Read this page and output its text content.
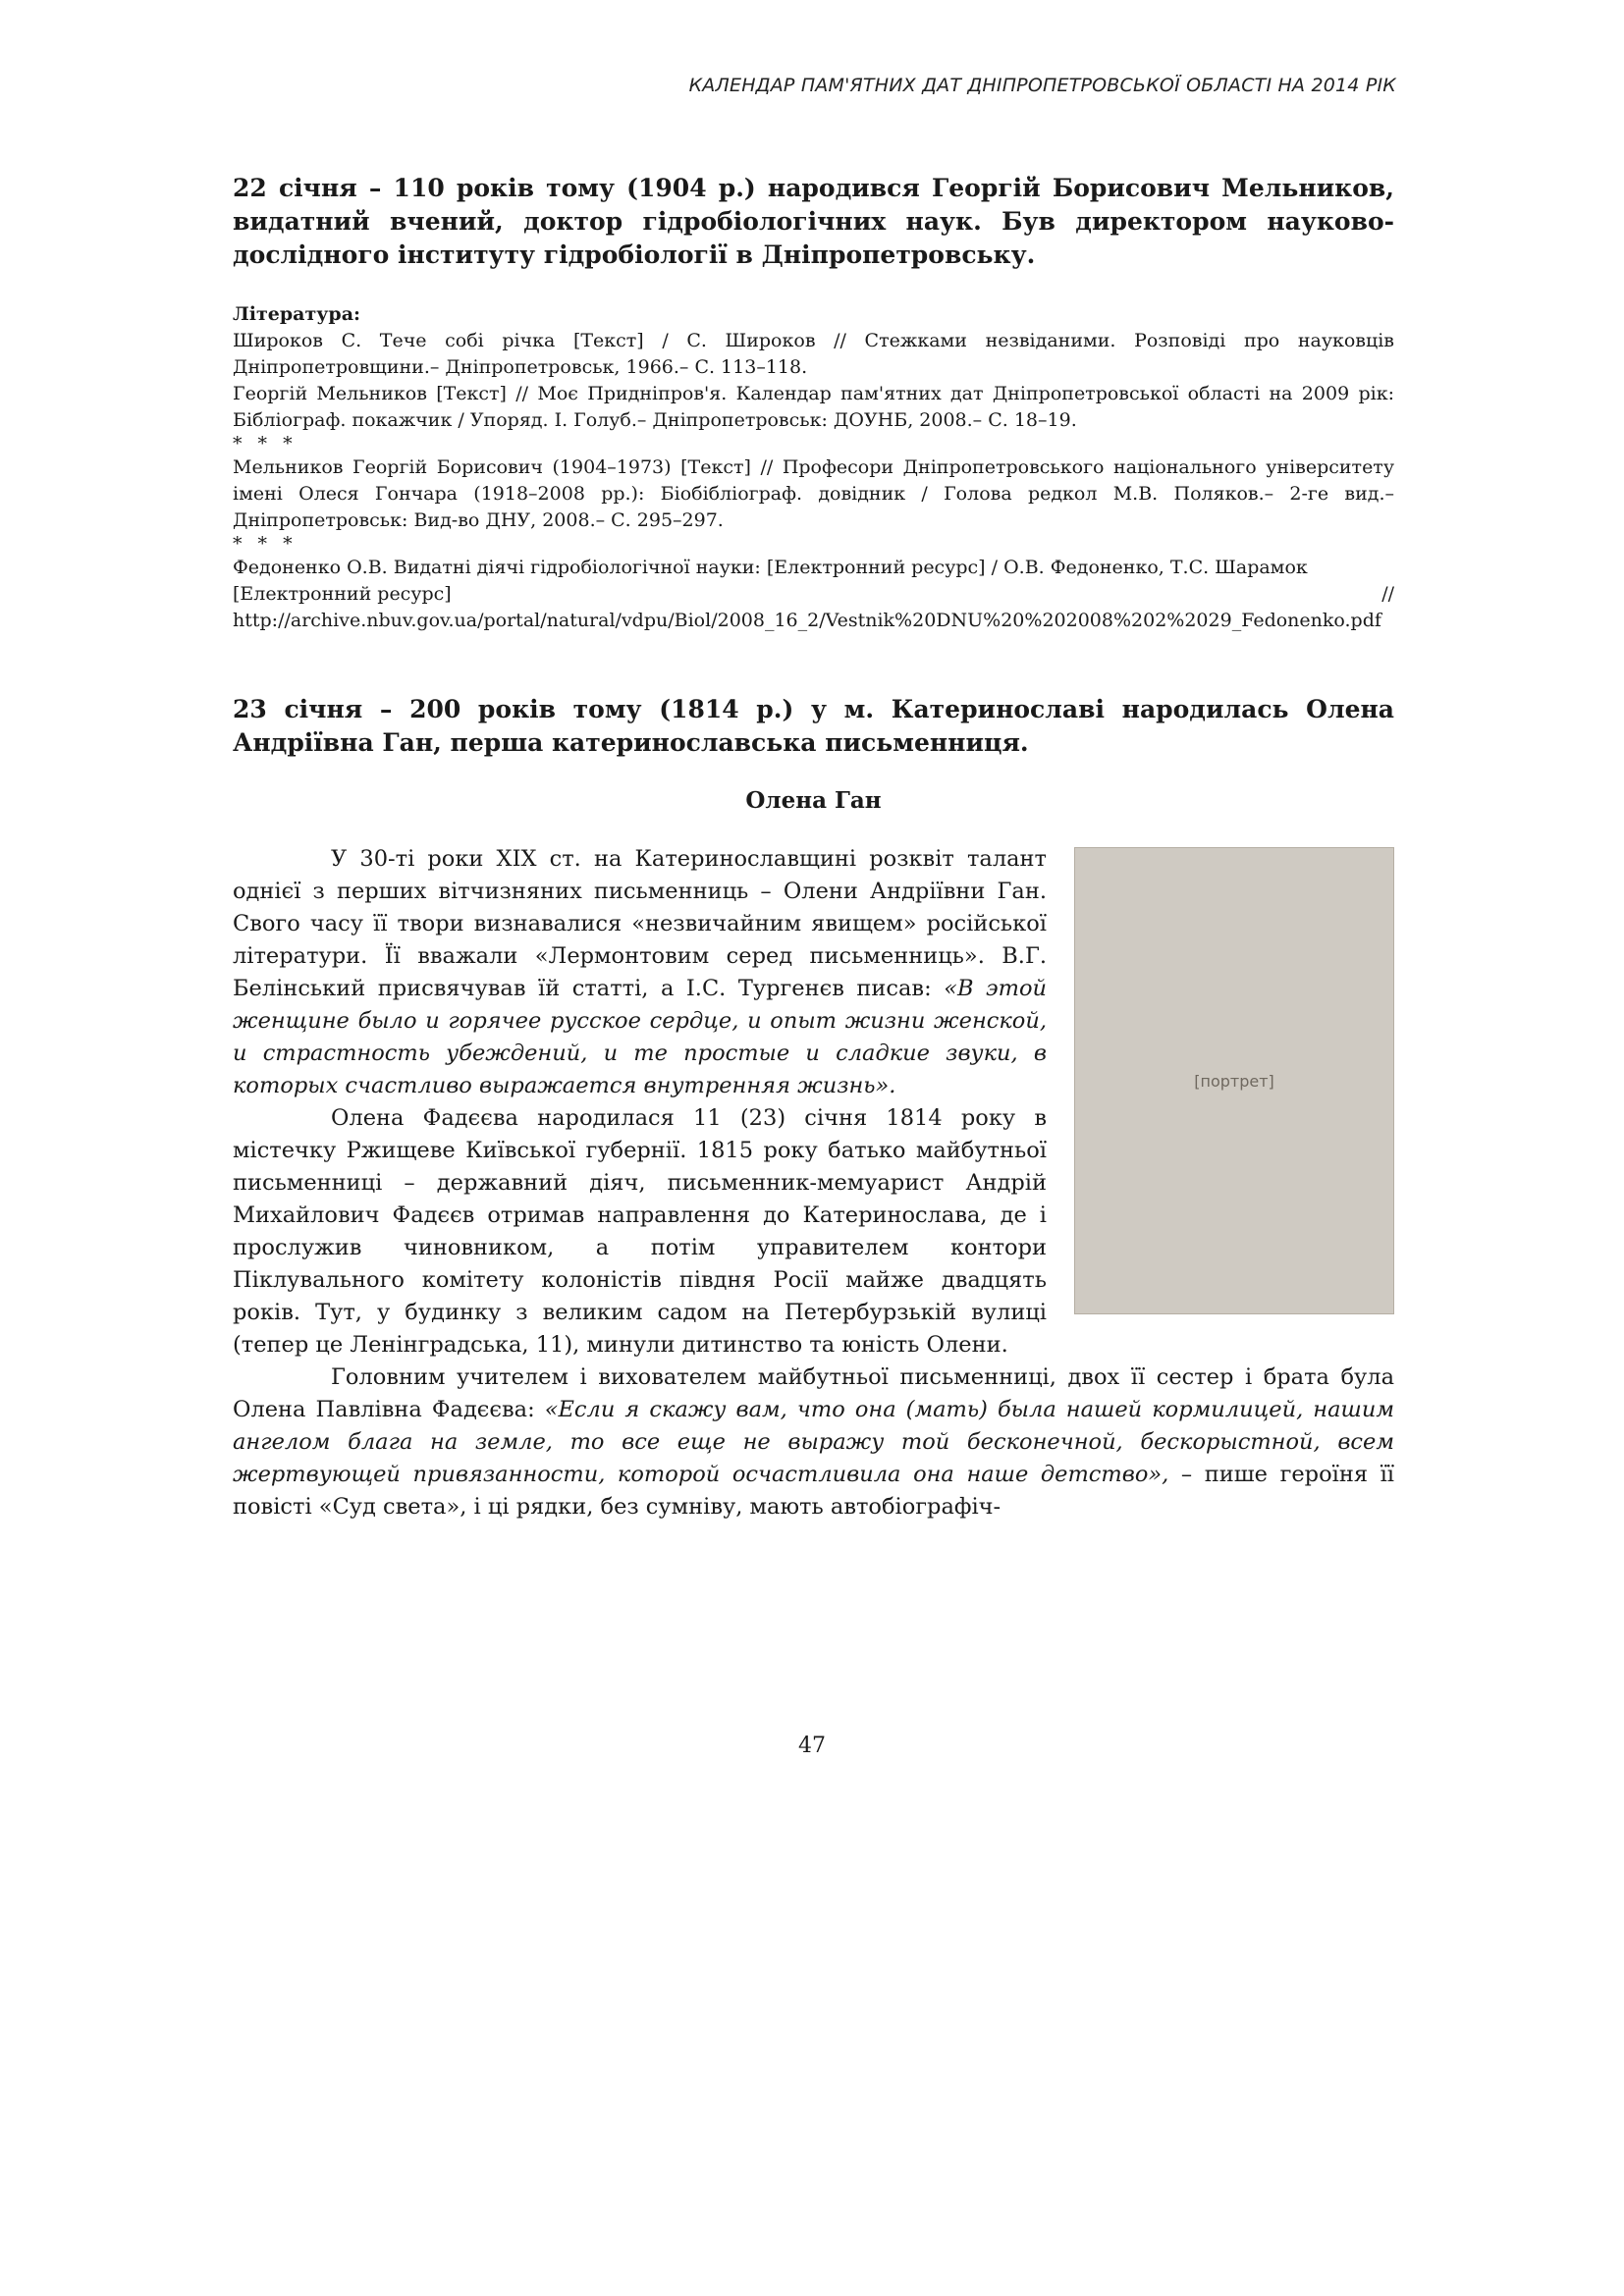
КАЛЕНДАР ПАМ'ЯТНИХ ДАТ ДНІПРОПЕТРОВСЬКОЇ ОБЛАСТІ НА 2014 РІК

22 січня – 110 років тому (1904 р.) народився Георгій Борисович Мельников, видатний вчений, доктор гідробіологічних наук. Був директором науково-дослідного інституту гідробіології в Дніпропетровську.

Література:
Широков С. Тече собі річка [Текст] / С. Широков // Стежками незвіданими. Розповіді про науковців Дніпропетровщини.– Дніпропетровськ, 1966.– С. 113–118.
Георгій Мельников [Текст] // Моє Придніпров'я. Календар пам'ятних дат Дніпропетровської області на 2009 рік: Бібліограф. покажчик / Упоряд. І. Голуб.– Дніпропетровськ: ДОУНБ, 2008.– С. 18–19.
* * *
Мельников Георгій Борисович (1904–1973) [Текст] // Професори Дніпропетровського національного університету імені Олеся Гончара (1918–2008 рр.): Біобібліограф. довідник / Голова редкол М.В. Поляков.– 2-ге вид.– Дніпропетровськ: Вид-во ДНУ, 2008.– С. 295–297.
* * *
Федоненко О.В. Видатні діячі гідробіологічної науки: [Електронний ресурс] / О.В. Федоненко, Т.С. Шарамок
[Електронний ресурс]	//
http://archive.nbuv.gov.ua/portal/natural/vdpu/Biol/2008_16_2/Vestnik%20DNU%20%202008%202%2029_Fedonenko.pdf

23 січня – 200 років тому (1814 р.) у м. Катеринославі народилась Олена Андріївна Ган, перша катеринославська письменниця.

Олена Ган
[портрет]

У 30-ті роки XIX ст. на Катеринославщині розквіт талант однієї з перших вітчизняних письменниць – Олени Андріївни Ган. Свого часу її твори визнавалися «незвичайним явищем» російської літератури. Її вважали «Лермонтовим серед письменниць». В.Г. Белінський присвячував їй статті, а І.С. Тургенєв писав: «В этой женщине было и горячее русское сердце, и опыт жизни женской, и страстность убеждений, и те простые и сладкие звуки, в которых счастливо выражается внутренняя жизнь».

Олена Фадєєва народилася 11 (23) січня 1814 року в містечку Ржищеве Київської губернії. 1815 року батько майбутньої письменниці – державний діяч, письменник-мемуарист Андрій Михайлович Фадєєв отримав направлення до Катеринослава, де і прослужив чиновником, а потім управителем контори Піклувального комітету колоністів півдня Росії майже двадцять років. Тут, у будинку з великим садом на Петербурзькій вулиці (тепер це Ленінградська, 11), минули дитинство та юність Олени.

Головним учителем і вихователем майбутньої письменниці, двох її сестер і брата була Олена Павлівна Фадєєва: «Если я скажу вам, что она (мать) была нашей кормилицей, нашим ангелом блага на земле, то все еще не выражу той бесконечной, бескорыстной, всем жертвующей привязанности, которой осчастливила она наше детство», – пише героїня її повісті «Суд света», і ці рядки, без сумніву, мають автобіографіч-

47
